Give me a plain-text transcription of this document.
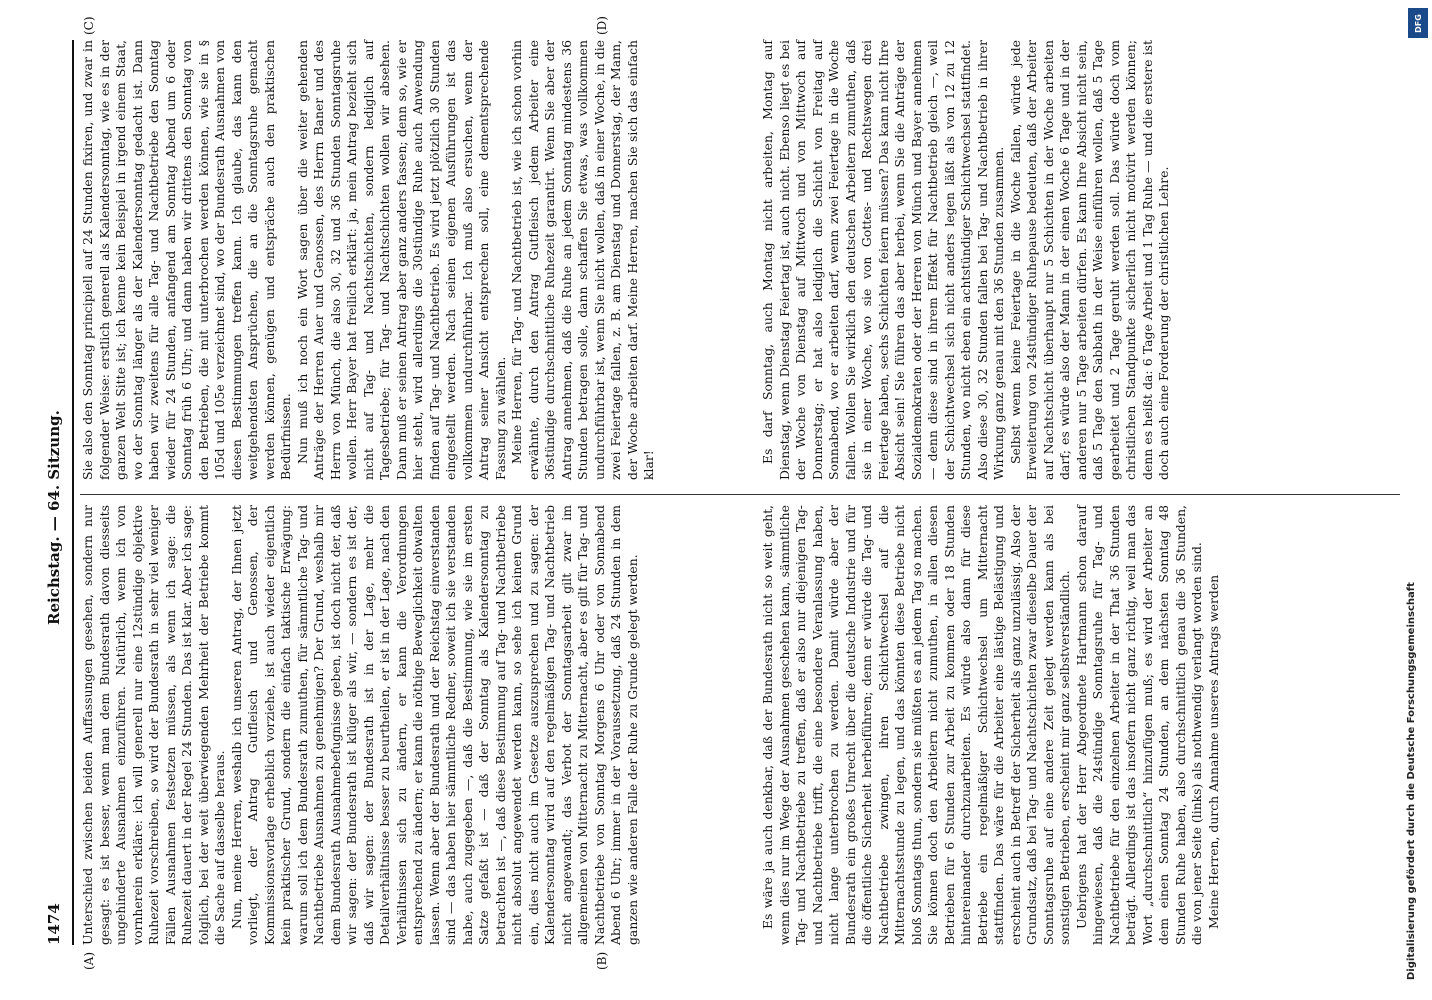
1474
Reichstag. — 64. Sitzung.
(A)	(B)

Unterschied zwischen beiden Auffassungen gesehen, sondern nur gesagt: es ist besser, wenn man dem Bundesrath davon diesseits ungehinderte Ausnahmen einzuführen. Natürlich, wenn ich von vornherein erkläre: ich will generell nur eine 12stündige objektive Ruhezeit vorschreiben, so wird der Bundesrath in sehr viel weniger Fällen Ausnahmen festsetzen müssen, als wenn ich sage: die Ruhezeit dauert in der Regel 24 Stunden. Das ist klar. Aber ich sage: folglich, bei der weit überwiegenden Mehrheit der Betriebe kommt die Sache auf dasselbe heraus. Nun, meine Herren, weshalb ich unseren Antrag, der Ihnen jetzt vorliegt, der Antrag Gutfleisch und Genossen, der Kommissionsvorlage erheblich vorziehe, ist auch wieder eigentlich kein praktischer Grund, sondern die einfach taktische Erwägung: warum soll ich dem Bundesrath zumuthen, für sämmtliche Tag- und Nachtbetriebe Ausnahmen zu genehmigen? Der Grund, weshalb mir dem Bundesrath Ausnahmebefugnisse geben, ist doch nicht der, daß wir sagen: der Bundesrath ist klüger als wir, — sondern es ist der, daß wir sagen: der Bundesrath ist in der Lage, mehr die Detailverhältnisse besser zu beurtheilen, er ist in der Lage, nach den Verhältnissen sich zu ändern, er kann die Verordnungen entsprechend zu ändern; er kann die nöthige Beweglichkeit obwalten lassen. Wenn aber der Bundesrath und der Reichstag einverstanden sind — das haben hier sämmtliche Redner, soweit ich sie verstanden habe, auch zugegeben —, daß die Bestimmung, wie sie im ersten Satze gefaßt ist — daß der Sonntag als Kalendersonntag zu betrachten ist —, daß diese Bestimmung auf Tag- und Nachtbetriebe nicht absolut angewendet werden kann, so sehe ich keinen Grund ein, dies nicht auch im Gesetze auszusprechen und zu sagen: der Kalendersonntag wird auf den regelmäßigen Tag- und Nachtbetrieb nicht angewandt; das Verbot der Sonntagsarbeit gilt zwar im allgemeinen von Mitternacht zu Mitternacht, aber es gilt für Tag- und Nachtbetriebe von Sonntag Morgens 6 Uhr oder von Sonnabend Abend 6 Uhr; immer in der Voraussetzung, daß 24 Stunden in dem ganzen wie anderen Falle der Ruhe zu Grunde gelegt werden.	Es wäre ja auch denkbar, daß der Bundesrath nicht so weit geht, wenn dies nur im Wege der Ausnahmen geschehen kann, sämmtliche Tag- und Nachtbetriebe zu treffen, daß er also nur diejenigen Tag- und Nachtbetriebe trifft, die eine besondere Veranlassung haben, nicht lange unterbrochen zu werden. Damit würde aber der Bundesrath ein großes Unrecht über die deutsche Industrie und für die öffentliche Sicherheit herbeiführen; denn er würde die Tag- und Nachtbetriebe zwingen, ihren Schichtwechsel auf die Mitternachtsstunde zu legen, und das könnten diese Betriebe nicht bloß Sonntags thun, sondern sie müßten es an jedem Tag so machen. Sie können doch den Arbeitern nicht zumuthen, in allen diesen Betrieben für 6 Stunden zur Arbeit zu kommen oder 18 Stunden hintereinander durchzuarbeiten. Es würde also dann für diese Betriebe ein regelmäßiger Schichtwechsel um Mitternacht stattfinden. Das wäre für die Arbeiter eine lästige Belästigung und erscheint auch in Betreff der Sicherheit als ganz unzulässig. Also der Grundsatz, daß bei Tag- und Nachtschichten zwar dieselbe Dauer der Sonntagsruhe auf eine andere Zeit gelegt werden kann als bei sonstigen Betrieben, erscheint mir ganz selbstverständlich. Uebrigens hat der Herr Abgeordnete Hartmann schon darauf hingewiesen, daß die 24stündige Sonntagsruhe für Tag- und Nachtbetriebe für den einzelnen Arbeiter in der That 36 Stunden beträgt. Allerdings ist das insofern nicht ganz richtig, weil man das Wort „durchschnittlich“ hinzufügen muß; es wird der Arbeiter an dem einen Sonntag 24 Stunden, an dem nächsten Sonntag 48 Stunden Ruhe haben, also durchschnittlich genau die 36 Stunden, die von jener Seite (links) als nothwendig verlangt worden sind. Meine Herren, durch Annahme unseres Antrags werden

(C)	(D)

Sie also den Sonntag principiell auf 24 Stunden fixiren, und zwar in folgender Weise: erstlich generell als Kalendersonntag, wie es in der ganzen Welt Sitte ist; ich kenne kein Beispiel in irgend einem Staat, wo der Sonntag länger als der Kalendersonntag gedacht ist. Dann haben wir zweitens für alle Tag- und Nachtbetriebe den Sonntag wieder für 24 Stunden, anfangend am Sonntag Abend um 6 oder Sonntag früh 6 Uhr; und dann haben wir drittens den Sonntag von den Betrieben, die mit unterbrochen werden können, wie sie in § 105d und 105e verzeichnet sind, wo der Bundesrath Ausnahmen von diesen Bestimmungen treffen kann. Ich glaube, das kann den weitgehendsten Ansprüchen, die an die Sonntagsruhe gemacht werden können, genügen und entspräche auch den praktischen Bedürfnissen. Nun muß ich noch ein Wort sagen über die weiter gehenden Anträge der Herren Auer und Genossen, des Herrn Baner und des Herrn von Münch, die also 30, 32 und 36 Stunden Sonntagsruhe wollen. Herr Bayer hat freilich erklärt: ja, mein Antrag bezieht sich nicht auf Tag- und Nachtschichten, sondern lediglich auf Tagesbetriebe; für Tag- und Nachtschichten wollen wir absehen. Dann muß er seinen Antrag aber ganz anders fassen; denn so, wie er hier steht, wird allerdings die 30stündige Ruhe auch Anwendung finden auf Tag- und Nachtbetrieb. Es wird jetzt plötzlich 30 Stunden eingestellt werden. Nach seinen eigenen Ausführungen ist das vollkommen undurchführbar. Ich muß also ersuchen, wenn der Antrag seiner Ansicht entsprechen soll, eine dementsprechende Fassung zu wählen. Meine Herren, für Tag- und Nachtbetrieb ist, wie ich schon vorhin erwähnte, durch den Antrag Gutfleisch jedem Arbeiter eine 36stündige durchschnittliche Ruhezeit garantirt. Wenn Sie aber der Antrag annehmen, daß die Ruhe an jedem Sonntag mindestens 36 Stunden betragen solle, dann schaffen Sie etwas, was vollkommen undurchführbar ist, wenn Sie nicht wollen, daß in einer Woche, in die zwei Feiertage fallen, z. B. am Dienstag und Donnerstag, der Mann, der Woche arbeiten darf. Meine Herren, machen Sie sich das einfach klar!

Es darf Sonntag, auch Montag nicht arbeiten, Montag auf Dienstag, wenn Dienstag Feiertag ist, auch nicht. Ebenso liegt es bei der Woche von Dienstag auf Mittwoch und von Mittwoch auf Donnerstag; er hat also lediglich die Schicht von Freitag auf Sonnabend, wo er arbeiten darf, wenn zwei Feiertage in die Woche fallen. Wollen Sie wirklich den deutschen Arbeitern zumuthen, daß sie in einer Woche, wo sie von Gottes- und Rechtswegen drei Feiertage haben, sechs Schichten feiern müssen? Das kann nicht Ihre Absicht sein! Sie führen das aber herbei, wenn Sie die Anträge der Sozialdemokraten oder der Herren von Münch und Bayer annehmen — denn diese sind in ihrem Effekt für Nachtbetrieb gleich —, weil der Schichtwechsel sich nicht anders legen läßt als von 12 zu 12 Stunden, wo nicht eben ein achtstündiger Schichtwechsel stattfindet. Also diese 30, 32 Stunden fallen bei Tag- und Nachtbetrieb in ihrer Wirkung ganz genau mit den 36 Stunden zusammen. Selbst wenn keine Feiertage in die Woche fallen, würde jede Erweiterung von 24stündiger Ruhepause bedeuten, daß der Arbeiter auf Nachtschicht überhaupt nur 5 Schichten in der Woche arbeiten darf; es würde also der Mann in der einen Woche 6 Tage und in der anderen nur 5 Tage arbeiten dürfen. Es kann Ihre Absicht nicht sein, daß 5 Tage den Sabbath in der Weise einführen wollen, daß 5 Tage gearbeitet und 2 Tage geruht werden soll. Das würde doch vom christlichen Standpunkte sicherlich nicht motivirt werden können; denn es heißt da: 6 Tage Arbeit und 1 Tag Ruhe — und die erstere ist doch auch eine Forderung der christlichen Lehre.

DFG
Digitalisierung gefördert durch die Deutsche Forschungsgemeinschaft
